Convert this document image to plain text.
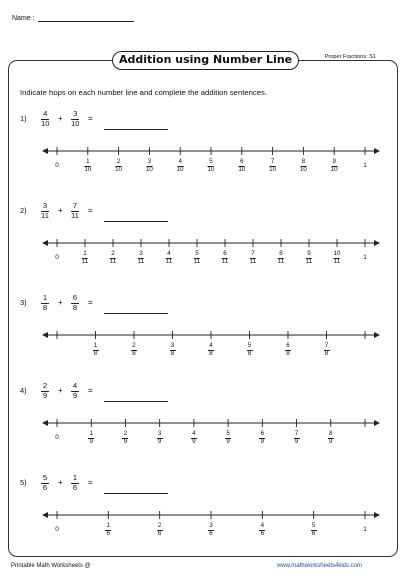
Name :
Addition using Number Line	Proper Fractions: S1
Indicate hops on each number line and complete the addition sentences.
1)
4
10
+
3
10
=
0
1
10
2
10
3
10
4
10
5
10
6
10
7
10
8
10
9
10
1
2)
3
11
+
7
11
=
0
1
11
2
11
3
11
4
11
5
11
6
11
7
11
8
11
9
11
10
11
1
3)
1
8
+
6
8
=
1
8
2
8
3
8
4
8
5
8
6
8
7
8
4)
2
9
+
4
9
=
0
1
9
2
9
3
9
4
9
5
9
6
9
7
9
8
9
5)
5
6
+
1
6
=
0
1
6
2
6
3
6
4
6
5
6
1
Printable Math Worksheets @	www.mathworksheets4kids.com
